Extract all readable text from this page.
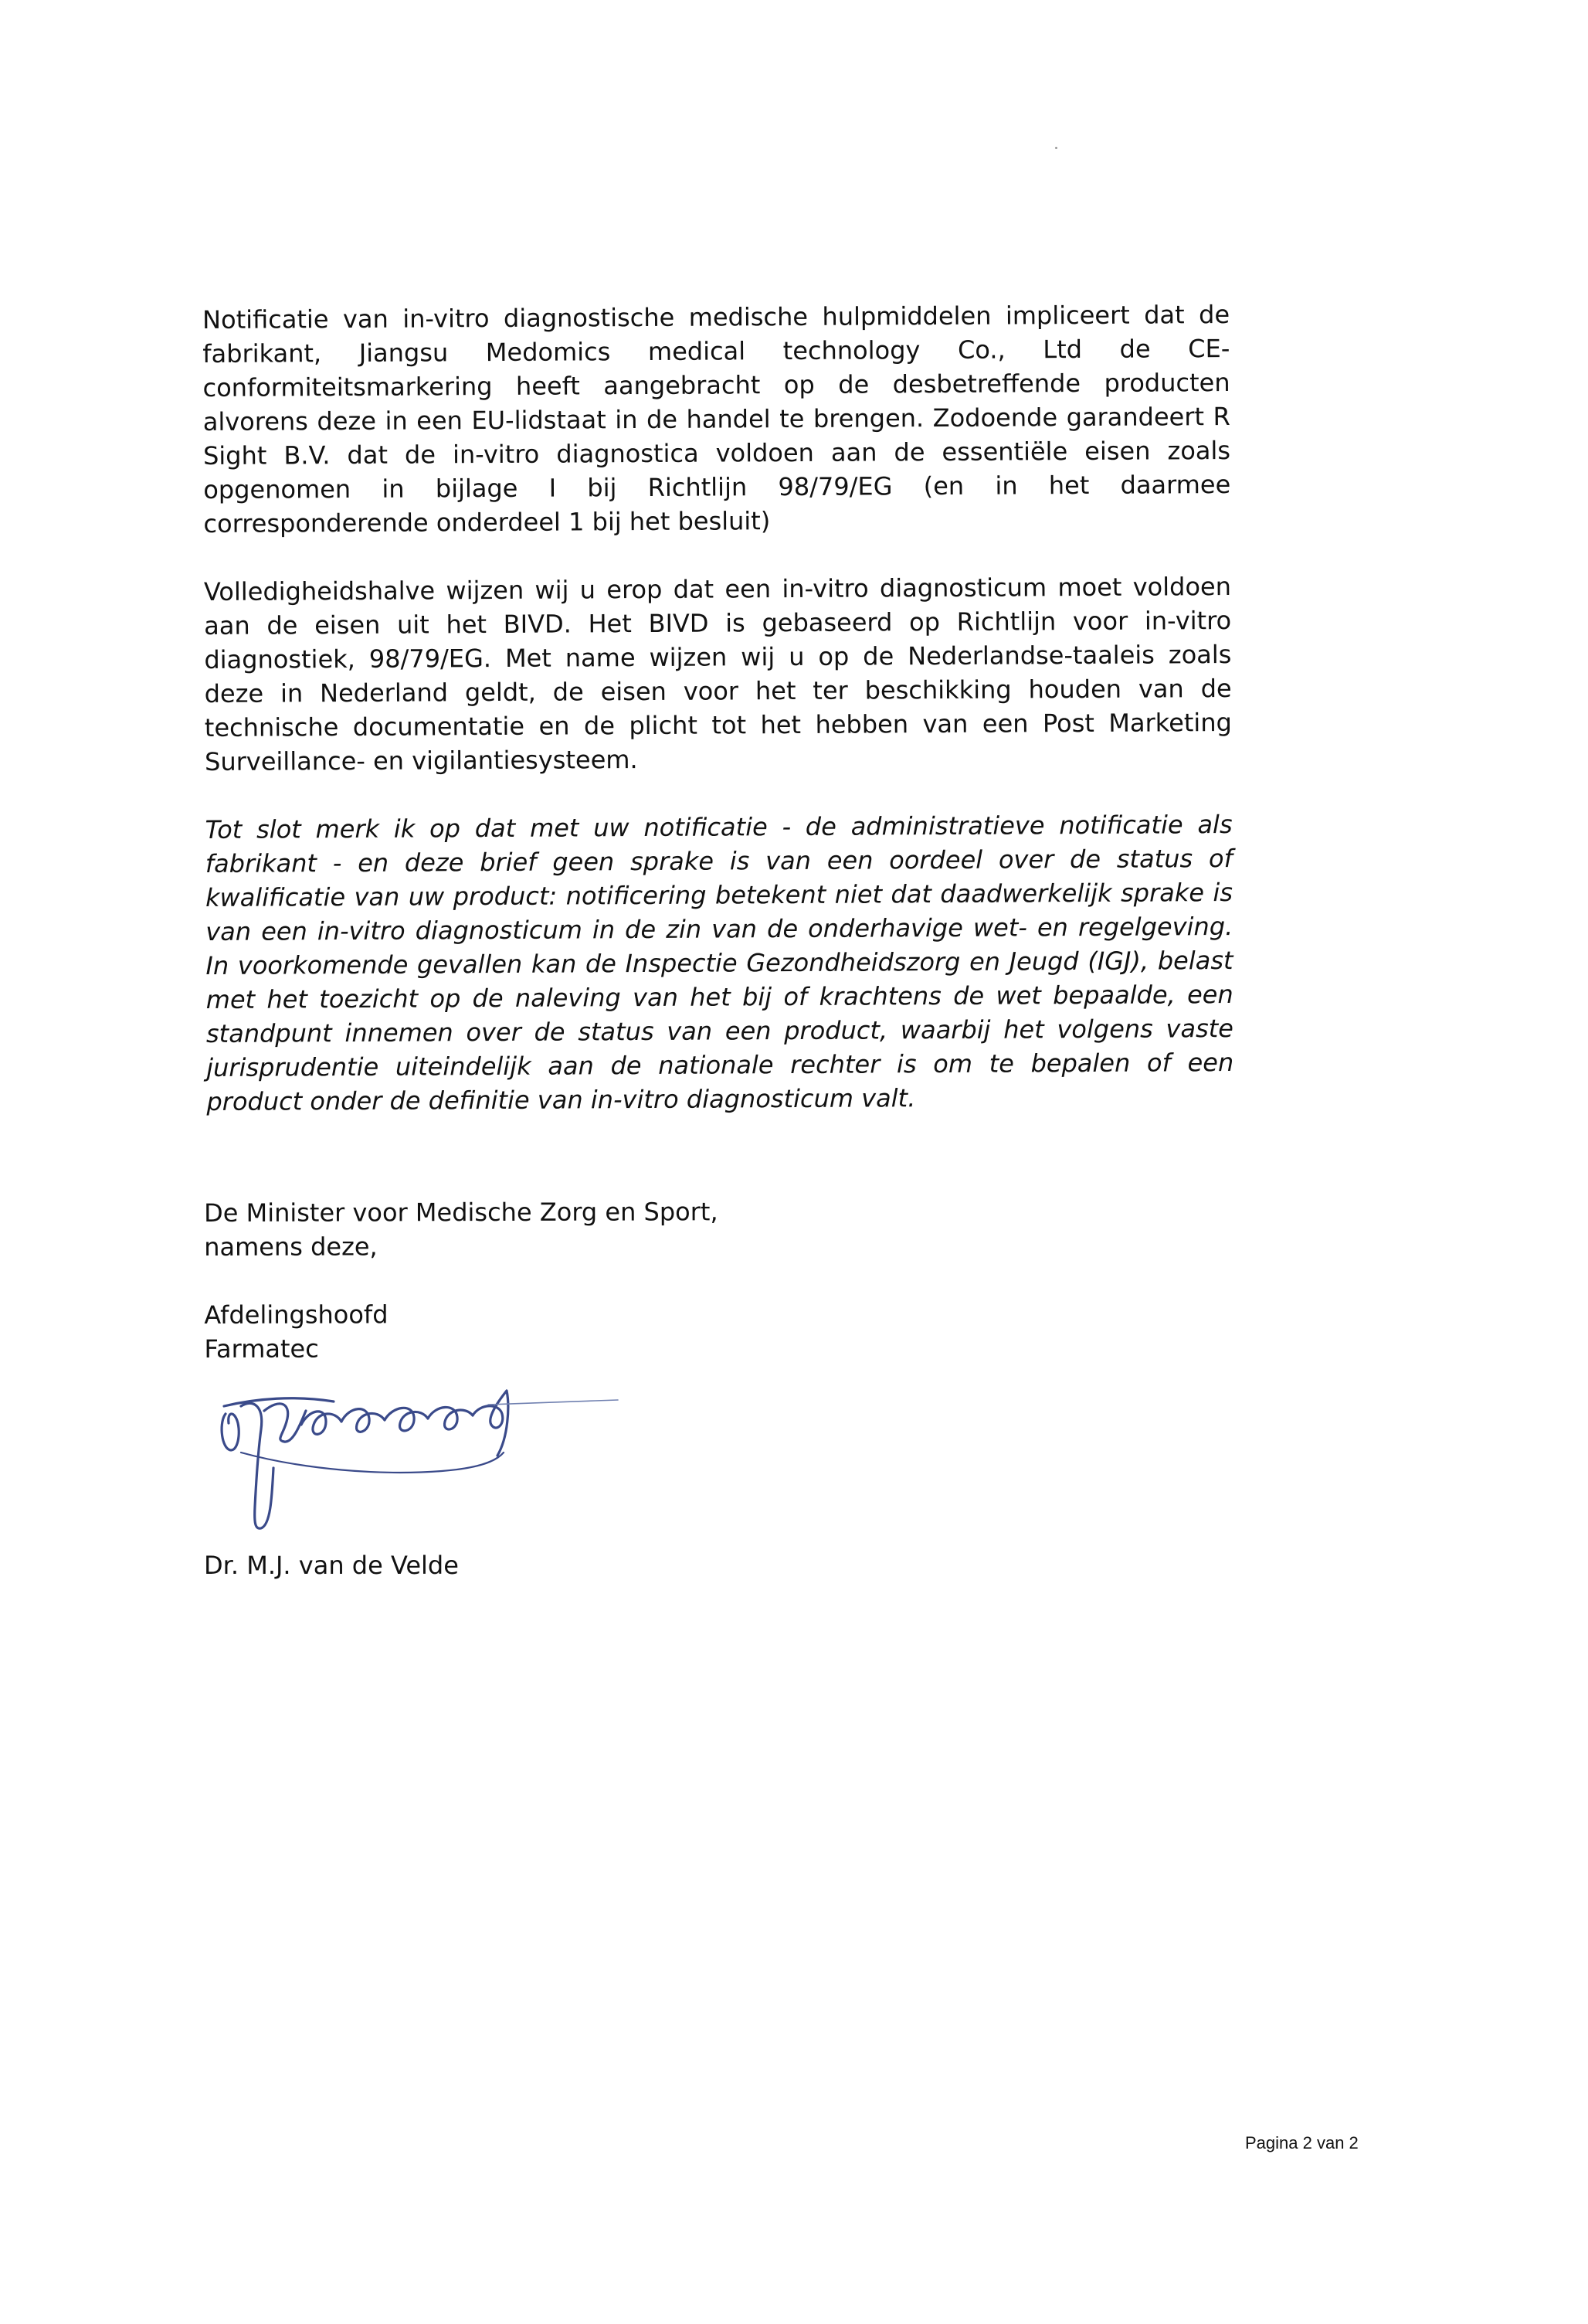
Notificatie van in-vitro diagnostische medische hulpmiddelen impliceert dat de fabrikant, Jiangsu Medomics medical technology Co., Ltd de CE-conformiteitsmarkering heeft aangebracht op de desbetreffende producten alvorens deze in een EU-lidstaat in de handel te brengen. Zodoende garandeert R Sight B.V. dat de in-vitro diagnostica voldoen aan de essentiële eisen zoals opgenomen in bijlage I bij Richtlijn 98/79/EG (en in het daarmee corresponderende onderdeel 1 bij het besluit)

Volledigheidshalve wijzen wij u erop dat een in-vitro diagnosticum moet voldoen aan de eisen uit het BIVD. Het BIVD is gebaseerd op Richtlijn voor in-vitro diagnostiek, 98/79/EG. Met name wijzen wij u op de Nederlandse-taaleis zoals deze in Nederland geldt, de eisen voor het ter beschikking houden van de technische documentatie en de plicht tot het hebben van een Post Marketing Surveillance- en vigilantiesysteem.

Tot slot merk ik op dat met uw notificatie - de administratieve notificatie als fabrikant - en deze brief geen sprake is van een oordeel over de status of kwalificatie van uw product: notificering betekent niet dat daadwerkelijk sprake is van een in-vitro diagnosticum in de zin van de onderhavige wet- en regelgeving. In voorkomende gevallen kan de Inspectie Gezondheidszorg en Jeugd (IGJ), belast met het toezicht op de naleving van het bij of krachtens de wet bepaalde, een standpunt innemen over de status van een product, waarbij het volgens vaste jurisprudentie uiteindelijk aan de nationale rechter is om te bepalen of een product onder de definitie van in-vitro diagnosticum valt.

De Minister voor Medische Zorg en Sport,
namens deze,
Afdelingshoofd
Farmatec
Dr. M.J. van de Velde
Pagina 2 van 2
